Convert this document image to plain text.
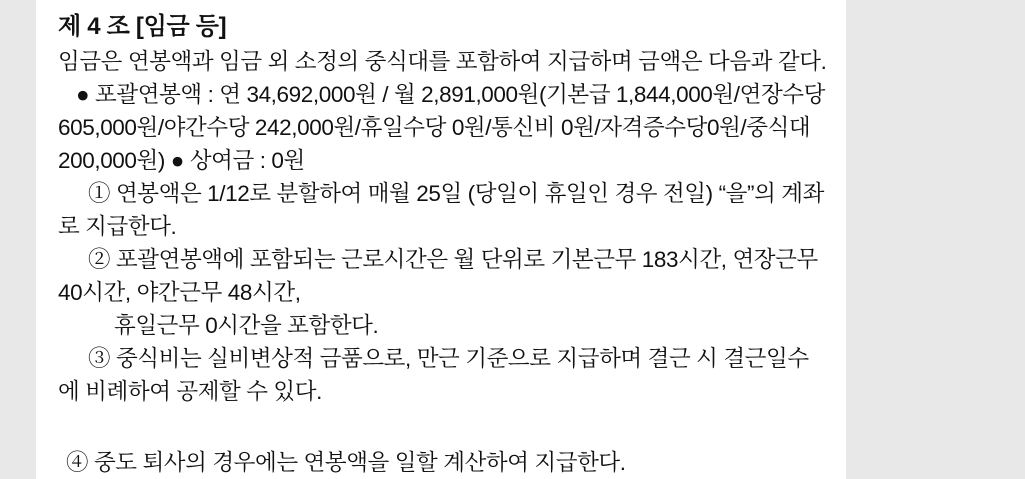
제 4 조 [임금 등]

임금은 연봉액과 임금 외 소정의 중식대를 포함하여 지급하며 금액은 다음과 같다.

● 포괄연봉액 : 연 34,692,000원 / 월 2,891,000원(기본급 1,844,000원/연장수당 605,000원/야간수당 242,000원/휴일수당 0원/통신비 0원/자격증수당0원/중식대 200,000원) ● 상여금 : 0원

① 연봉액은 1/12로 분할하여 매월 25일 (당일이 휴일인 경우 전일) “을”의 계좌로 지급한다.

② 포괄연봉액에 포함되는 근로시간은 월 단위로 기본근무 183시간, 연장근무 40시간, 야간근무 48시간,

휴일근무 0시간을 포함한다.

③ 중식비는 실비변상적 금품으로, 만근 기준으로 지급하며 결근 시 결근일수에 비례하여 공제할 수 있다.

④ 중도 퇴사의 경우에는 연봉액을 일할 계산하여 지급한다.
